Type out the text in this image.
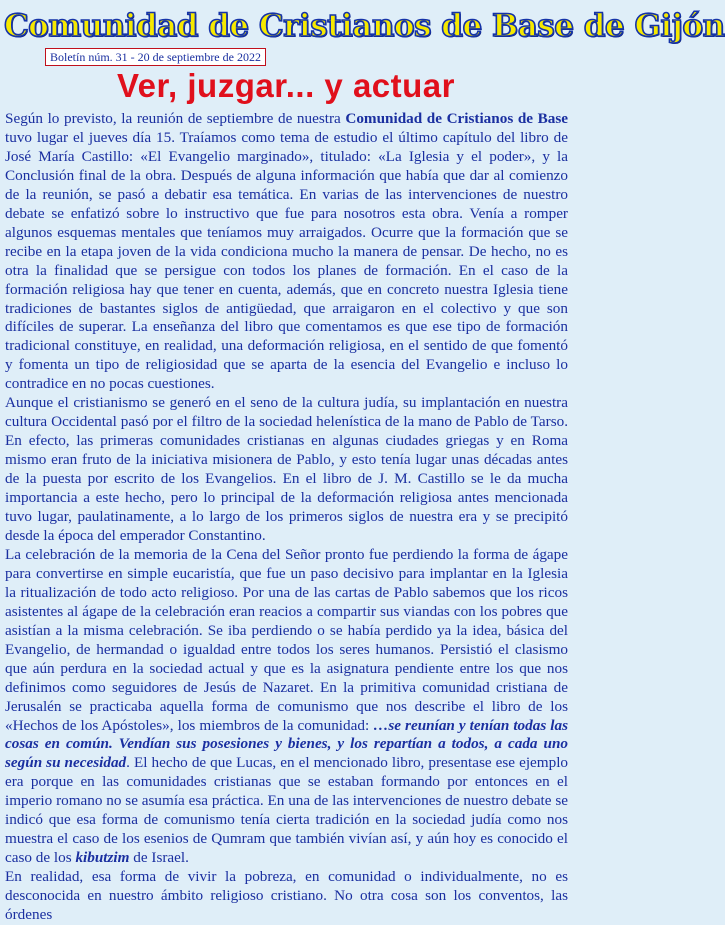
Comunidad de Cristianos de Base de Gijón
Boletín núm. 31 - 20 de septiembre de 2022
Ver, juzgar... y actuar

Según lo previsto, la reunión de septiembre de nuestra Comunidad de Cristianos de Base tuvo lugar el jueves día 15. Traíamos como tema de estudio el último capítulo del libro de José María Castillo: «El Evangelio marginado», titulado: «La Iglesia y el poder», y la Conclusión final de la obra. Después de alguna información que había que dar al comienzo de la reunión, se pasó a debatir esa temática. En varias de las intervenciones de nuestro debate se enfatizó sobre lo instructivo que fue para nosotros esta obra. Venía a romper algunos esquemas mentales que teníamos muy arraigados. Ocurre que la formación que se recibe en la etapa joven de la vida condiciona mucho la manera de pensar. De hecho, no es otra la finalidad que se persigue con todos los planes de formación. En el caso de la formación religiosa hay que tener en cuenta, además, que en concreto nuestra Iglesia tiene tradiciones de bastantes siglos de antigüedad, que arraigaron en el colectivo y que son difíciles de superar. La enseñanza del libro que comentamos es que ese tipo de formación tradicional constituye, en realidad, una deformación religiosa, en el sentido de que fomentó y fomenta un tipo de religiosidad que se aparta de la esencia del Evangelio e incluso lo contradice en no pocas cuestiones.

Aunque el cristianismo se generó en el seno de la cultura judía, su implantación en nuestra cultura Occidental pasó por el filtro de la sociedad helenística de la mano de Pablo de Tarso. En efecto, las primeras comunidades cristianas en algunas ciudades griegas y en Roma mismo eran fruto de la iniciativa misionera de Pablo, y esto tenía lugar unas décadas antes de la puesta por escrito de los Evangelios. En el libro de J. M. Castillo se le da mucha importancia a este hecho, pero lo principal de la deformación religiosa antes mencionada tuvo lugar, paulatinamente, a lo largo de los primeros siglos de nuestra era y se precipitó desde la época del emperador Constantino.

La celebración de la memoria de la Cena del Señor pronto fue perdiendo la forma de ágape para convertirse en simple eucaristía, que fue un paso decisivo para implantar en la Iglesia la ritualización de todo acto religioso. Por una de las cartas de Pablo sabemos que los ricos asistentes al ágape de la celebración eran reacios a compartir sus viandas con los pobres que asistían a la misma celebración. Se iba perdiendo o se había perdido ya la idea, básica del Evangelio, de hermandad o igualdad entre todos los seres humanos. Persistió el clasismo que aún perdura en la sociedad actual y que es la asignatura pendiente entre los que nos definimos como seguidores de Jesús de Nazaret. En la primitiva comunidad cristiana de Jerusalén se practicaba aquella forma de comunismo que nos describe el libro de los «Hechos de los Apóstoles», los miembros de la comunidad: …se reunían y tenían todas las cosas en común. Vendían sus posesiones y bienes, y los repartían a todos, a cada uno según su necesidad. El hecho de que Lucas, en el mencionado libro, presentase ese ejemplo era porque en las comunidades cristianas que se estaban formando por entonces en el imperio romano no se asumía esa práctica. En una de las intervenciones de nuestro debate se indicó que esa forma de comunismo tenía cierta tradición en la sociedad judía como nos muestra el caso de los esenios de Qumram que también vivían así, y aún hoy es conocido el caso de los kibutzim de Israel.

En realidad, esa forma de vivir la pobreza, en comunidad o individualmente, no es desconocida en nuestro ámbito religioso cristiano. No otra cosa son los conventos, las órdenes
